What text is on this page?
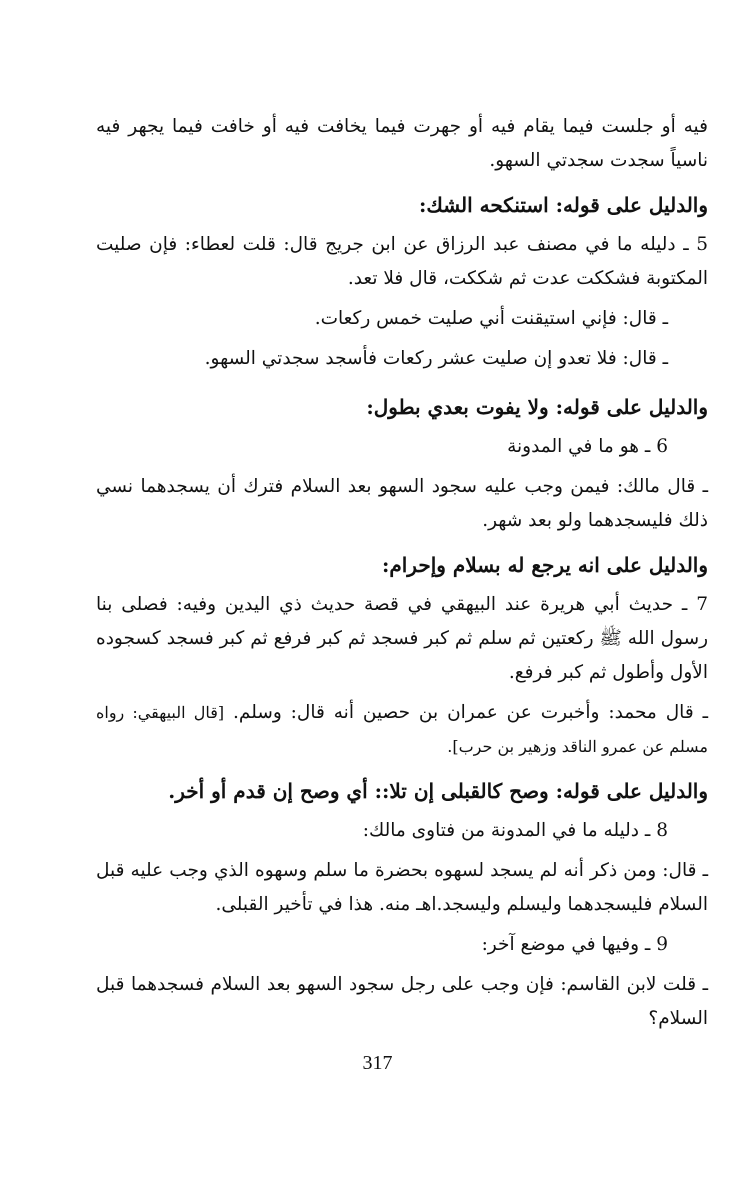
فيه أو جلست فيما يقام فيه أو جهرت فيما يخافت فيه أو خافت فيما يجهر فيه ناسياً سجدت سجدتي السهو.

والدليل على قوله: استنكحه الشك:

5 ـ دليله ما في مصنف عبد الرزاق عن ابن جريج قال: قلت لعطاء: فإن صليت المكتوبة فشككت عدت ثم شككت، قال فلا تعد.

ـ قال: فإني استيقنت أني صليت خمس ركعات.

ـ قال: فلا تعدو إن صليت عشر ركعات فأسجد سجدتي السهو.

والدليل على قوله: ولا يفوت بعدي بطول:

6 ـ هو ما في المدونة

ـ قال مالك: فيمن وجب عليه سجود السهو بعد السلام فترك أن يسجدهما نسي ذلك فليسجدهما ولو بعد شهر.

والدليل على انه يرجع له بسلام وإحرام:

7 ـ حديث أبي هريرة عند البيهقي في قصة حديث ذي اليدين وفيه: فصلى بنا رسول الله ﷺ ركعتين ثم سلم ثم كبر فسجد ثم كبر فرفع ثم كبر فسجد كسجوده الأول وأطول ثم كبر فرفع.

ـ قال محمد: وأخبرت عن عمران بن حصين أنه قال: وسلم. [قال البيهقي: رواه مسلم عن عمرو الناقد وزهير بن حرب].

والدليل على قوله: وصح كالقبلى إن تلا:: أي وصح إن قدم أو أخر.

8 ـ دليله ما في المدونة من فتاوى مالك:

ـ قال: ومن ذكر أنه لم يسجد لسهوه بحضرة ما سلم وسهوه الذي وجب عليه قبل السلام فليسجدهما وليسلم وليسجد.اهـ منه. هذا في تأخير القبلى.

9 ـ وفيها في موضع آخر:

ـ قلت لابن القاسم: فإن وجب على رجل سجود السهو بعد السلام فسجدهما قبل السلام؟

317
